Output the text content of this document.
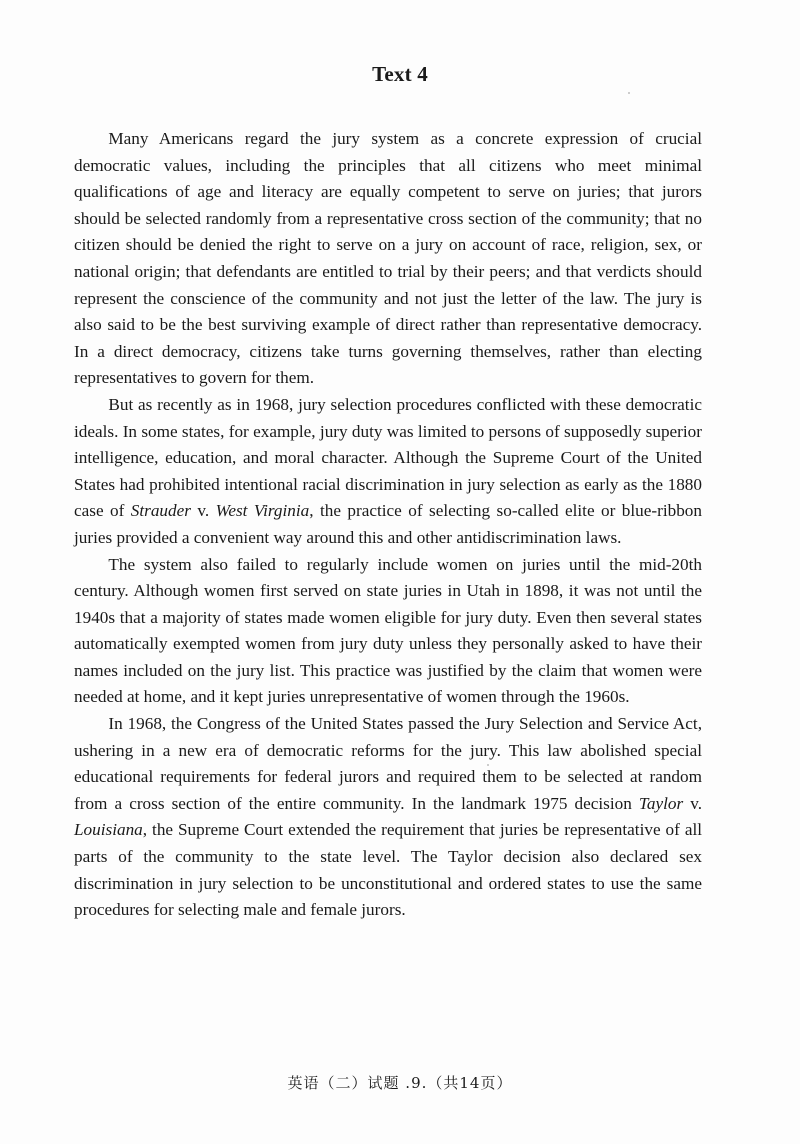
Text 4

Many Americans regard the jury system as a concrete expression of crucial democratic values, including the principles that all citizens who meet minimal qualifications of age and literacy are equally competent to serve on juries; that jurors should be selected randomly from a representative cross section of the community; that no citizen should be denied the right to serve on a jury on account of race, religion, sex, or national origin; that defendants are entitled to trial by their peers; and that verdicts should represent the conscience of the community and not just the letter of the law. The jury is also said to be the best surviving example of direct rather than representative democracy. In a direct democracy, citizens take turns governing themselves, rather than electing representatives to govern for them.

But as recently as in 1968, jury selection procedures conflicted with these democratic ideals. In some states, for example, jury duty was limited to persons of supposedly superior intelligence, education, and moral character. Although the Supreme Court of the United States had prohibited intentional racial discrimination in jury selection as early as the 1880 case of Strauder v. West Virginia, the practice of selecting so-called elite or blue-ribbon juries provided a convenient way around this and other antidiscrimination laws.

The system also failed to regularly include women on juries until the mid-20th century. Although women first served on state juries in Utah in 1898, it was not until the 1940s that a majority of states made women eligible for jury duty. Even then several states automatically exempted women from jury duty unless they personally asked to have their names included on the jury list. This practice was justified by the claim that women were needed at home, and it kept juries unrepresentative of women through the 1960s.

In 1968, the Congress of the United States passed the Jury Selection and Service Act, ushering in a new era of democratic reforms for the jury. This law abolished special educational requirements for federal jurors and required them to be selected at random from a cross section of the entire community. In the landmark 1975 decision Taylor v. Louisiana, the Supreme Court extended the requirement that juries be representative of all parts of the community to the state level. The Taylor decision also declared sex discrimination in jury selection to be unconstitutional and ordered states to use the same procedures for selecting male and female jurors.

英语（二）试题 .9.（共14页）
